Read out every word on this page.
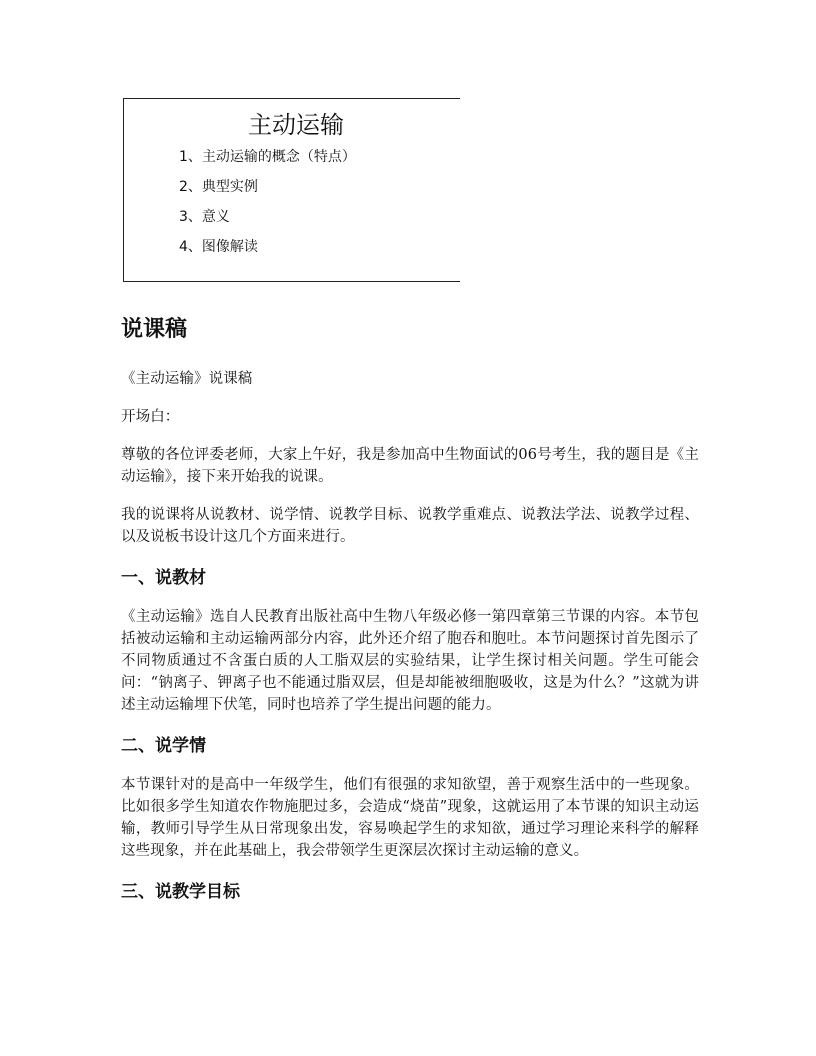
主动运输
1、主动运输的概念（特点）
2、典型实例
3、意义
4、图像解读
说课稿

《主动运输》说课稿

开场白：

尊敬的各位评委老师，大家上午好，我是参加高中生物面试的06号考生，我的题目是《主动运输》，接下来开始我的说课。

我的说课将从说教材、说学情、说教学目标、说教学重难点、说教法学法、说教学过程、以及说板书设计这几个方面来进行。

一、说教材

《主动运输》选自人民教育出版社高中生物八年级必修一第四章第三节课的内容。本节包括被动运输和主动运输两部分内容，此外还介绍了胞吞和胞吐。本节问题探讨首先图示了不同物质通过不含蛋白质的人工脂双层的实验结果，让学生探讨相关问题。学生可能会问：“钠离子、钾离子也不能通过脂双层，但是却能被细胞吸收，这是为什么？”这就为讲述主动运输埋下伏笔，同时也培养了学生提出问题的能力。

二、说学情

本节课针对的是高中一年级学生，他们有很强的求知欲望，善于观察生活中的一些现象。比如很多学生知道农作物施肥过多，会造成“烧苗”现象，这就运用了本节课的知识主动运输，教师引导学生从日常现象出发，容易唤起学生的求知欲，通过学习理论来科学的解释这些现象，并在此基础上，我会带领学生更深层次探讨主动运输的意义。

三、说教学目标
